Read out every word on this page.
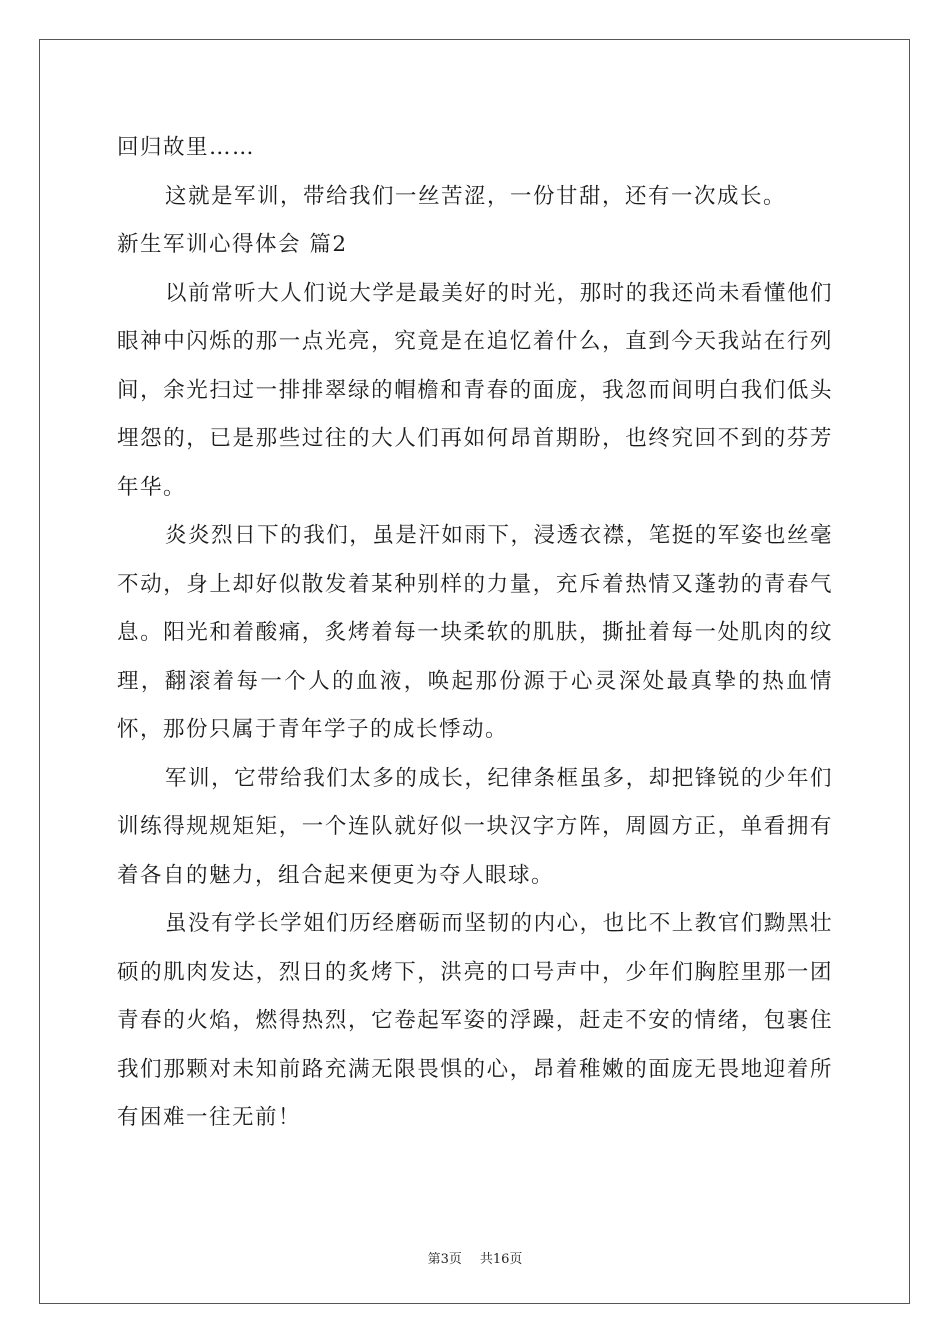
回归故里……

这就是军训，带给我们一丝苦涩，一份甘甜，还有一次成长。

新生军训心得体会 篇2

以前常听大人们说大学是最美好的时光，那时的我还尚未看懂他们眼神中闪烁的那一点光亮，究竟是在追忆着什么，直到今天我站在行列间，余光扫过一排排翠绿的帽檐和青春的面庞，我忽而间明白我们低头埋怨的，已是那些过往的大人们再如何昂首期盼，也终究回不到的芬芳年华。

炎炎烈日下的我们，虽是汗如雨下，浸透衣襟，笔挺的军姿也丝毫不动，身上却好似散发着某种别样的力量，充斥着热情又蓬勃的青春气息。阳光和着酸痛，炙烤着每一块柔软的肌肤，撕扯着每一处肌肉的纹理，翻滚着每一个人的血液，唤起那份源于心灵深处最真挚的热血情怀，那份只属于青年学子的成长悸动。

军训，它带给我们太多的成长，纪律条框虽多，却把锋锐的少年们训练得规规矩矩，一个连队就好似一块汉字方阵，周圆方正，单看拥有着各自的魅力，组合起来便更为夺人眼球。

虽没有学长学姐们历经磨砺而坚韧的内心，也比不上教官们黝黑壮硕的肌肉发达，烈日的炙烤下，洪亮的口号声中，少年们胸腔里那一团青春的火焰，燃得热烈，它卷起军姿的浮躁，赶走不安的情绪，包裹住我们那颗对未知前路充满无限畏惧的心，昂着稚嫩的面庞无畏地迎着所有困难一往无前！

第3页 共16页
